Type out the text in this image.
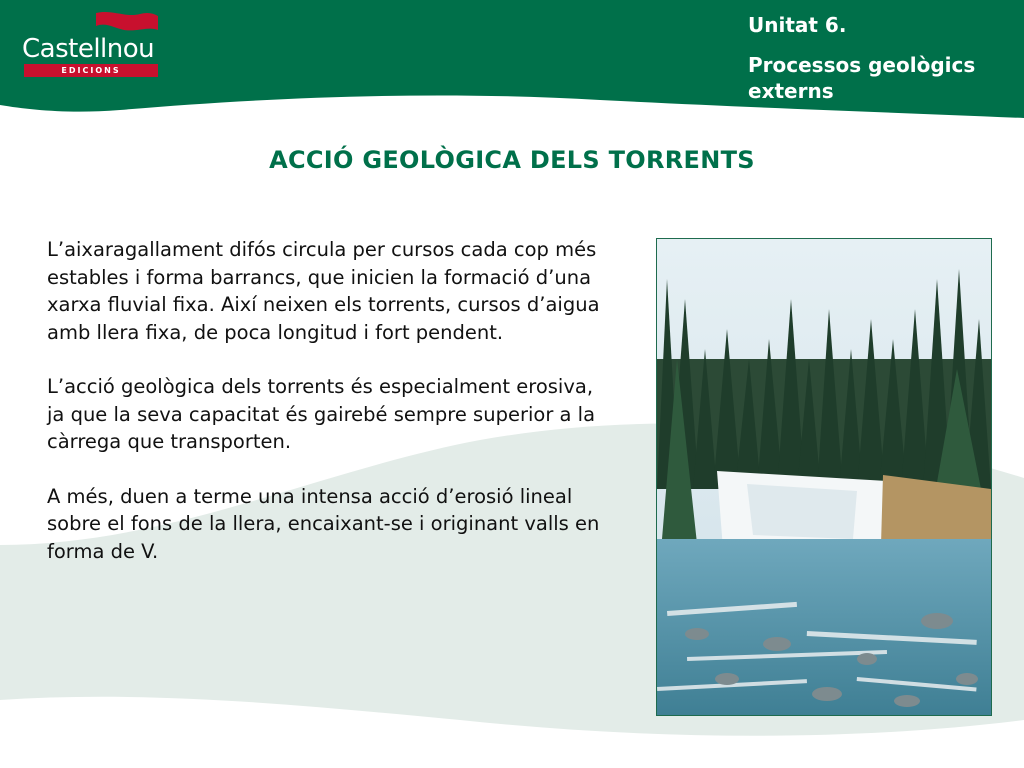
Castellnou
EDICIONS
Unitat 6.
Processos geològics externs
ACCIÓ GEOLÒGICA DELS TORRENTS

L’aixaragallament difós circula per cursos cada cop més estables i forma barrancs, que inicien la formació d’una xarxa fluvial fixa. Així neixen els torrents, cursos d’aigua amb llera fixa, de poca longitud i fort pendent.

L’acció geològica dels torrents és especialment erosiva, ja que la seva capacitat és gairebé sempre superior a la càrrega que transporten.

A més, duen a terme una intensa acció d’erosió lineal sobre el fons de la llera, encaixant-se i originant valls en forma de V.
